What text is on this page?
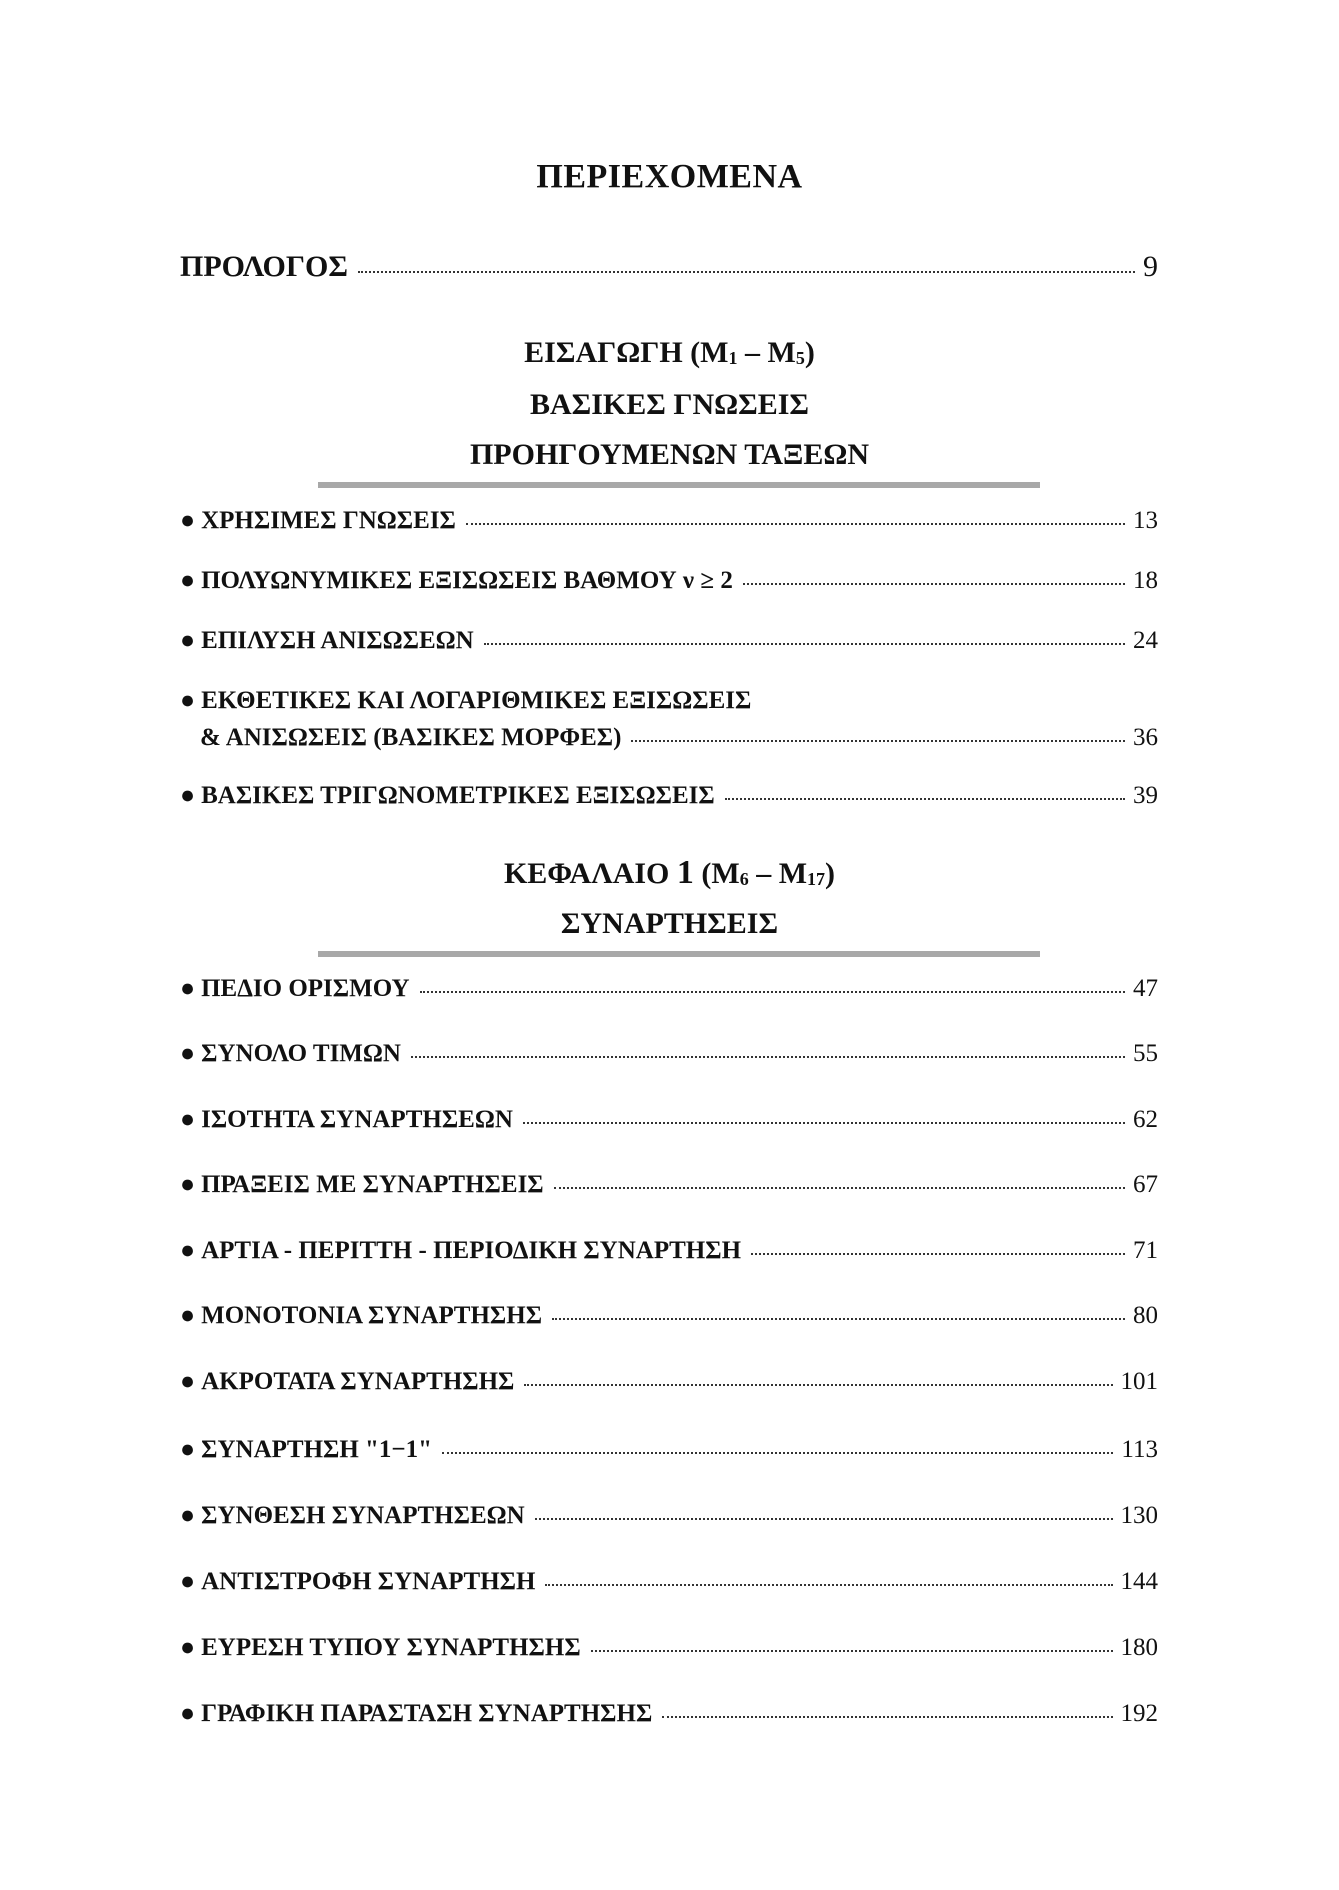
ΠΕΡΙΕΧΟΜΕΝΑ
ΠΡΟΛΟΓΟΣ	9
ΕΙΣΑΓΩΓΗ $(M_1 - M_5)$
ΒΑΣΙΚΕΣ ΓΝΩΣΕΙΣ
ΠΡΟΗΓΟΥΜΕΝΩΝ ΤΑΞΕΩΝ
● ΧΡΗΣΙΜΕΣ ΓΝΩΣΕΙΣ	13
● ΠΟΛΥΩΝΥΜΙΚΕΣ ΕΞΙΣΩΣΕΙΣ ΒΑΘΜΟΥ ν ≥ 2	18
● ΕΠΙΛΥΣΗ ΑΝΙΣΩΣΕΩΝ	24
● ΕΚΘΕΤΙΚΕΣ ΚΑΙ ΛΟΓΑΡΙΘΜΙΚΕΣ ΕΞΙΣΩΣΕΙΣ
& ΑΝΙΣΩΣΕΙΣ (ΒΑΣΙΚΕΣ ΜΟΡΦΕΣ)	36
● ΒΑΣΙΚΕΣ ΤΡΙΓΩΝΟΜΕΤΡΙΚΕΣ ΕΞΙΣΩΣΕΙΣ	39
ΚΕΦΑΛΑΙΟ 1 $(M_6 - M_{17})$
ΣΥΝΑΡΤΗΣΕΙΣ
● ΠΕΔΙΟ ΟΡΙΣΜΟΥ	47
● ΣΥΝΟΛΟ ΤΙΜΩΝ	55
● ΙΣΟΤΗΤΑ ΣΥΝΑΡΤΗΣΕΩΝ	62
● ΠΡΑΞΕΙΣ ΜΕ ΣΥΝΑΡΤΗΣΕΙΣ	67
● ΑΡΤΙΑ - ΠΕΡΙΤΤΗ - ΠΕΡΙΟΔΙΚΗ ΣΥΝΑΡΤΗΣΗ	71
● ΜΟΝΟΤΟΝΙΑ ΣΥΝΑΡΤΗΣΗΣ	80
● ΑΚΡΟΤΑΤΑ ΣΥΝΑΡΤΗΣΗΣ	101
● ΣΥΝΑΡΤΗΣΗ "1−1"	113
● ΣΥΝΘΕΣΗ ΣΥΝΑΡΤΗΣΕΩΝ	130
● ΑΝΤΙΣΤΡΟΦΗ ΣΥΝΑΡΤΗΣΗ	144
● ΕΥΡΕΣΗ ΤΥΠΟΥ ΣΥΝΑΡΤΗΣΗΣ	180
● ΓΡΑΦΙΚΗ ΠΑΡΑΣΤΑΣΗ ΣΥΝΑΡΤΗΣΗΣ	192
